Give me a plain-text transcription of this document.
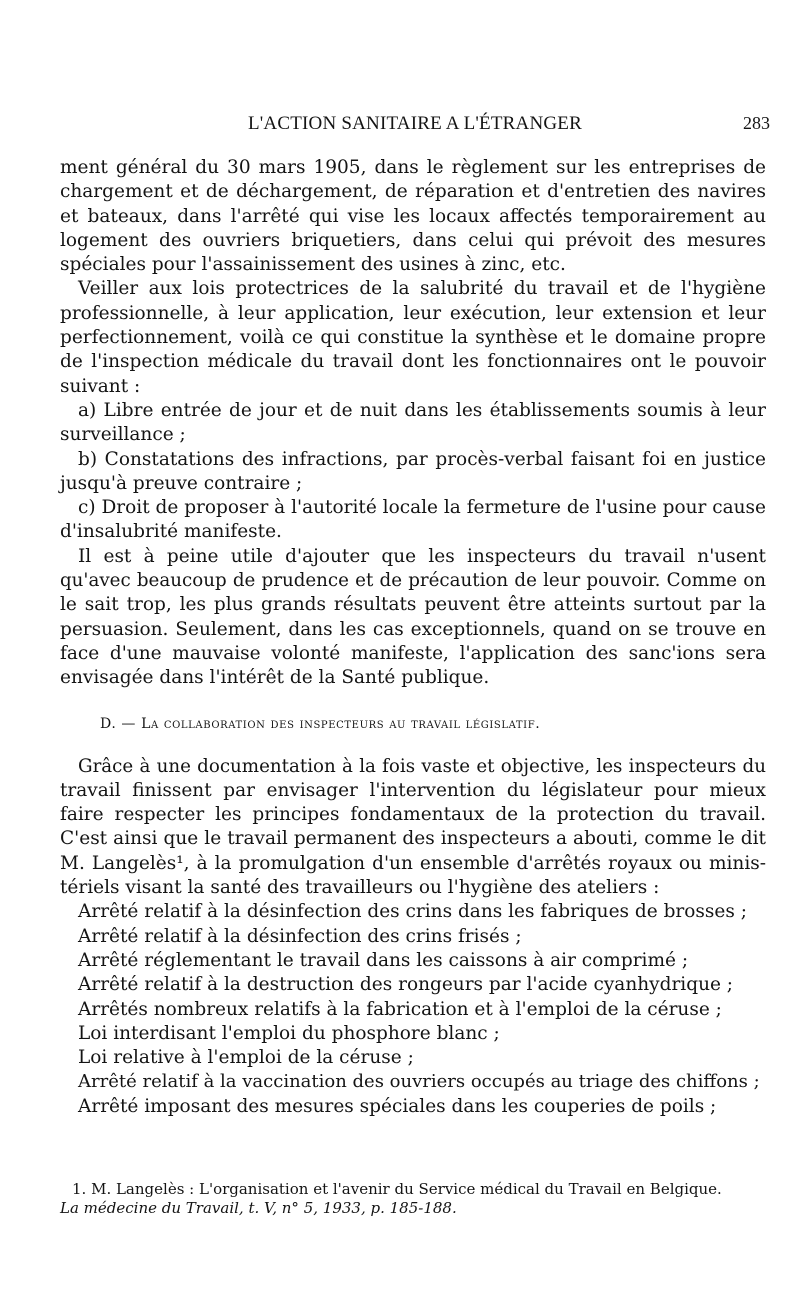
L'ACTION SANITAIRE A L'ÉTRANGER	283
ment général du 30 mars 1905, dans le règlement sur les entreprises de
chargement et de déchargement, de réparation et d'entretien des navires
et bateaux, dans l'arrêté qui vise les locaux affectés temporairement au
logement des ouvriers briquetiers, dans celui qui prévoit des mesures
spéciales pour l'assainissement des usines à zinc, etc.
Veiller aux lois protectrices de la salubrité du travail et de l'hygiène
professionnelle, à leur application, leur exécution, leur extension et leur
perfectionnement, voilà ce qui constitue la synthèse et le domaine propre
de l'inspection médicale du travail dont les fonctionnaires ont le pouvoir
suivant :
a) Libre entrée de jour et de nuit dans les établissements soumis à leur
surveillance ;
b) Constatations des infractions, par procès-verbal faisant foi en justice
jusqu'à preuve contraire ;
c) Droit de proposer à l'autorité locale la fermeture de l'usine pour cause
d'insalubrité manifeste.
Il est à peine utile d'ajouter que les inspecteurs du travail n'usent
qu'avec beaucoup de prudence et de précaution de leur pouvoir. Comme on
le sait trop, les plus grands résultats peuvent être atteints surtout par la
persuasion. Seulement, dans les cas exceptionnels, quand on se trouve en
face d'une mauvaise volonté manifeste, l'application des sanc'ions sera
envisagée dans l'intérêt de la Santé publique.
D. — La collaboration des inspecteurs au travail législatif.
Grâce à une documentation à la fois vaste et objective, les inspecteurs du
travail finissent par envisager l'intervention du législateur pour mieux
faire respecter les principes fondamentaux de la protection du travail.
C'est ainsi que le travail permanent des inspecteurs a abouti, comme le dit
M. Langelès¹, à la promulgation d'un ensemble d'arrêtés royaux ou minis-
tériels visant la santé des travailleurs ou l'hygiène des ateliers :
Arrêté relatif à la désinfection des crins dans les fabriques de brosses ;
Arrêté relatif à la désinfection des crins frisés ;
Arrêté réglementant le travail dans les caissons à air comprimé ;
Arrêté relatif à la destruction des rongeurs par l'acide cyanhydrique ;
Arrêtés nombreux relatifs à la fabrication et à l'emploi de la céruse ;
Loi interdisant l'emploi du phosphore blanc ;
Loi relative à l'emploi de la céruse ;
Arrêté relatif à la vaccination des ouvriers occupés au triage des chiffons ;
Arrêté imposant des mesures spéciales dans les couperies de poils ;
1. M. Langelès : L'organisation et l'avenir du Service médical du Travail en Belgique.
La médecine du Travail, t. V, n° 5, 1933, p. 185-188.
